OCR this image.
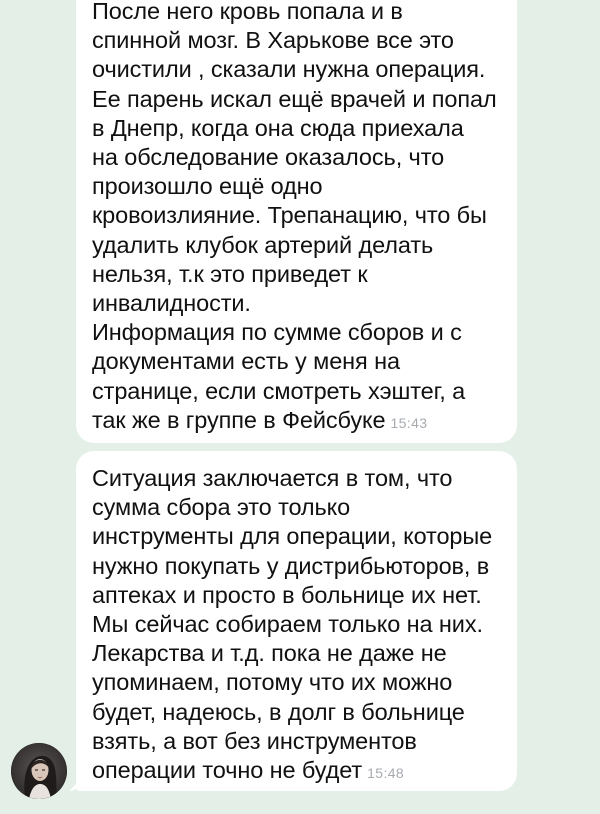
После него кровь попала и в
спинной мозг. В Харькове все это
очистили , сказали нужна операция.
Ее парень искал ещё врачей и попал
в Днепр, когда она сюда приехала
на обследование оказалось, что
произошло ещё одно
кровоизлияние. Трепанацию, что бы
удалить клубок артерий делать
нельзя, т.к это приведет к
инвалидности.
Информация по сумме сборов и с
документами есть у меня на
странице, если смотреть хэштег, а
так же в группе в Фейсбуке 15:43
Ситуация заключается в том, что
сумма сбора это только
инструменты для операции, которые
нужно покупать у дистрибьюторов, в
аптеках и просто в больнице их нет.
Мы сейчас собираем только на них.
Лекарства и т.д. пока не даже не
упоминаем, потому что их можно
будет, надеюсь, в долг в больнице
взять, а вот без инструментов
операции точно не будет 15:48
